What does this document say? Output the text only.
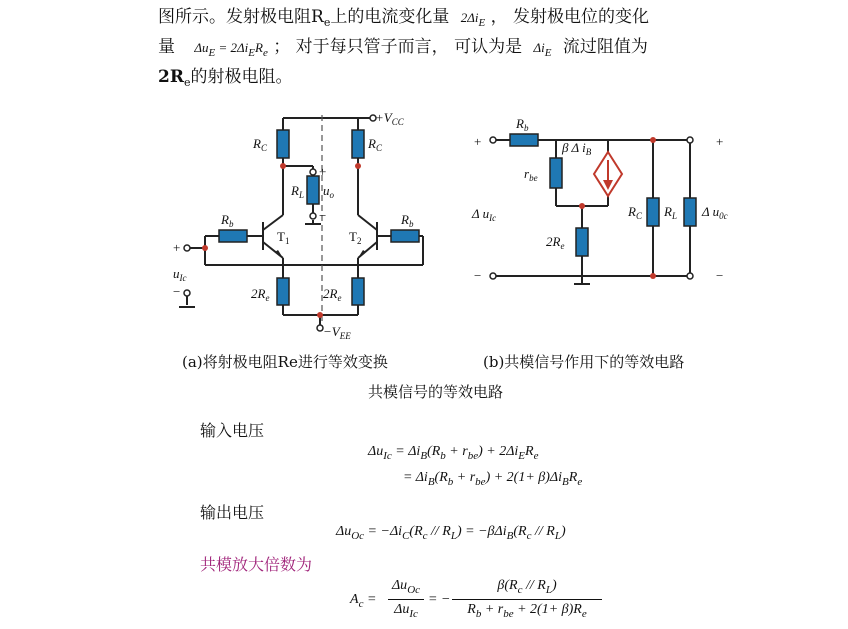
图所示。发射极电阻$R_e$上的电流变化量 $2\Delta i_E$ ， 发射极电位的变化
量 $\Delta u_E = 2\Delta i_ER_e$ ； 对于每只管子而言， 可认为是 $\Delta i_E$ 流过阻值为
$2R_e$的射极电阻。
$+V_{CC}$
$R_C$	$R_C$
$R_L$ $u_o$
+
−
$R_b$	$R_b$
$T_1$	$T_2$
$2R_e$	$2R_e$
$-V_{EE}$
+
−
$u_{Ic}$
+
−
$R_b$
β Δ $i_B$
$r_{be}$
Δ $u_{Ic}$
$2R_e$
$R_C$ $R_L$ Δ $u_{0c}$
+
−
(a)将射极电阻Re进行等效变换	(b)共模信号作用下的等效电路
共模信号的等效电路
输入电压
输出电压
共模放大倍数为
$\Delta u_{Ic} = \Delta i_B(R_b + r_{be}) + 2\Delta i_ER_e$
= $\Delta i_B(R_b + r_{be}) + 2(1+ \beta)\Delta i_BR_e$
$\Delta u_{Oc} = -\Delta i_C(R_c // R_L) = -\beta\Delta i_B(R_c // R_L)$
$A_c$ =
$\Delta u_{Oc}$
$\Delta u_{Ic}$
= −
$\beta(R_c // R_L)$
$R_b + r_{be} + 2(1+ \beta)R_e$
